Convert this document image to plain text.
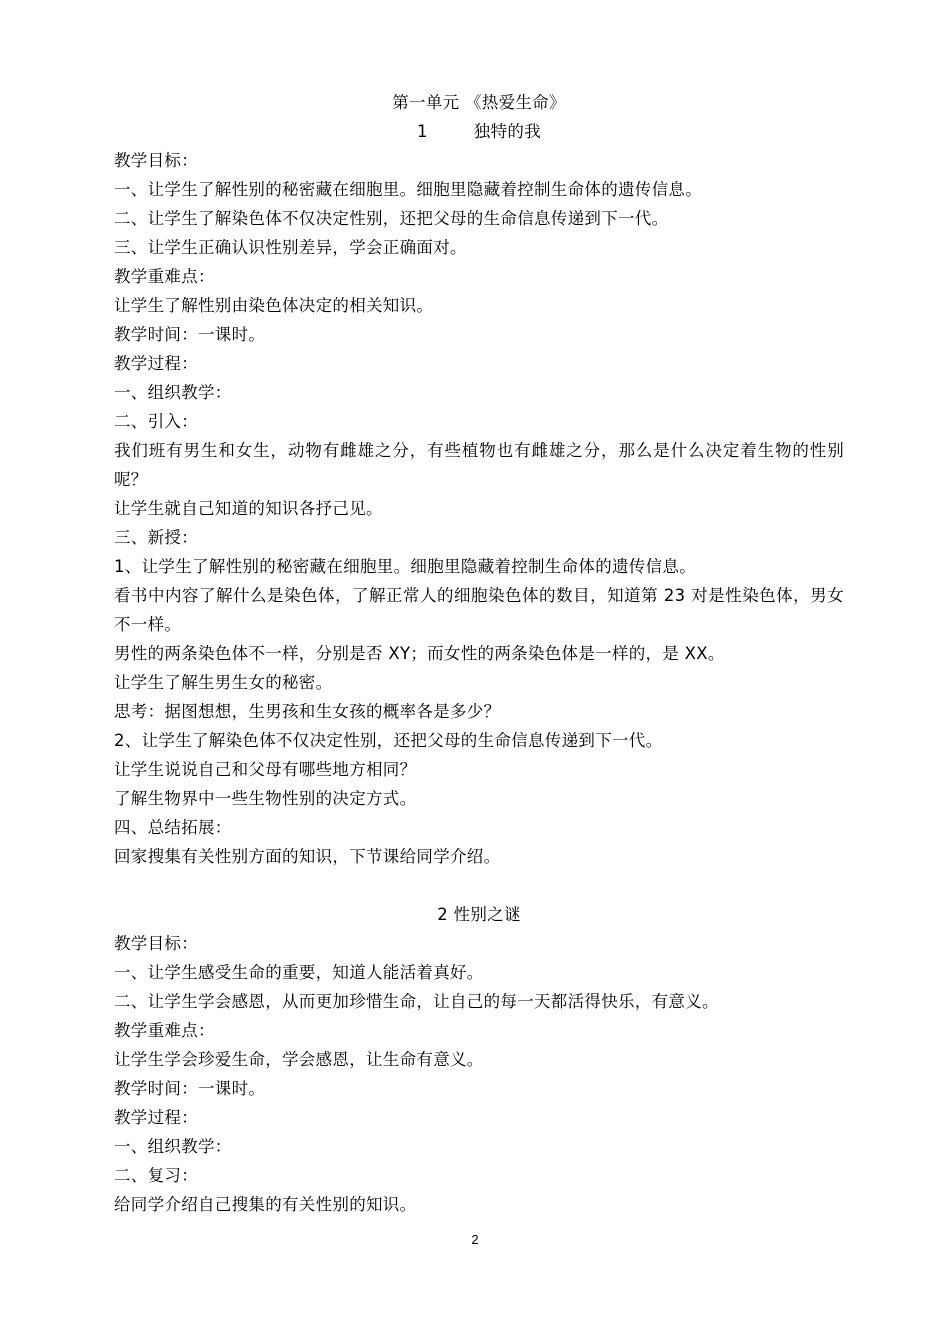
第一单元 《热爱生命》
1	独特的我
教学目标：
一、让学生了解性别的秘密藏在细胞里。细胞里隐藏着控制生命体的遗传信息。
二、让学生了解染色体不仅决定性别，还把父母的生命信息传递到下一代。
三、让学生正确认识性别差异，学会正确面对。
教学重难点：
让学生了解性别由染色体决定的相关知识。
教学时间：一课时。
教学过程：
一、组织教学：
二、引入：
我们班有男生和女生，动物有雌雄之分，有些植物也有雌雄之分，那么是什么决定着生物的性别呢？
让学生就自己知道的知识各抒己见。
三、新授：
1、让学生了解性别的秘密藏在细胞里。细胞里隐藏着控制生命体的遗传信息。
看书中内容了解什么是染色体，了解正常人的细胞染色体的数目，知道第 23 对是性染色体，男女不一样。
男性的两条染色体不一样，分别是否 XY；而女性的两条染色体是一样的，是 XX。
让学生了解生男生女的秘密。
思考：据图想想，生男孩和生女孩的概率各是多少？
2、让学生了解染色体不仅决定性别，还把父母的生命信息传递到下一代。
让学生说说自己和父母有哪些地方相同？
了解生物界中一些生物性别的决定方式。
四、总结拓展：
回家搜集有关性别方面的知识，下节课给同学介绍。
2 性别之谜
教学目标：
一、让学生感受生命的重要，知道人能活着真好。
二、让学生学会感恩，从而更加珍惜生命，让自己的每一天都活得快乐，有意义。
教学重难点：
让学生学会珍爱生命，学会感恩，让生命有意义。
教学时间：一课时。
教学过程：
一、组织教学：
二、复习：
给同学介绍自己搜集的有关性别的知识。
2
